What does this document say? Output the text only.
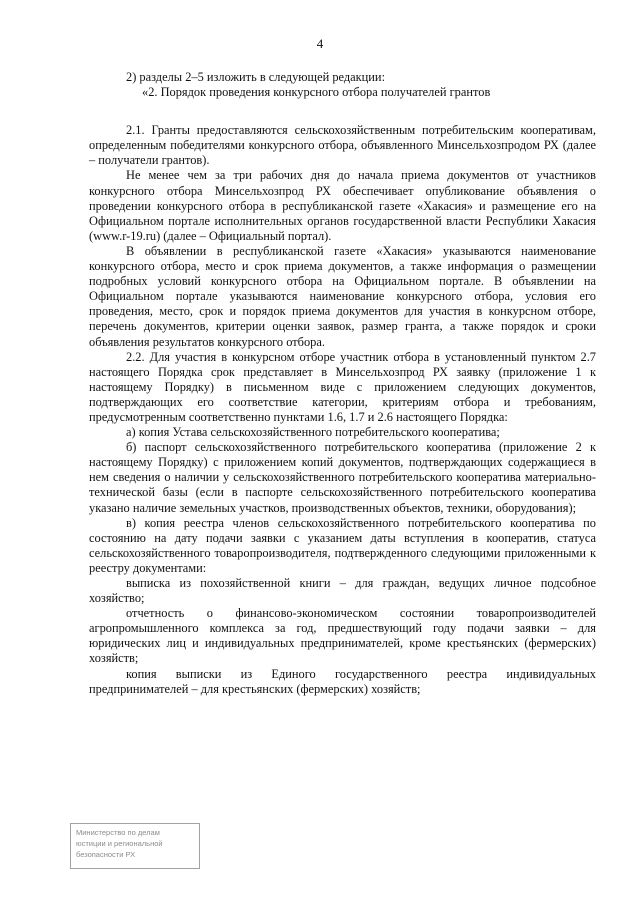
4

2) разделы 2–5 изложить в следующей редакции:

«2. Порядок проведения конкурсного отбора получателей грантов

2.1. Гранты предоставляются сельскохозяйственным потребительским кооперативам, определенным победителями конкурсного отбора, объявленного Минсельхозпродом РХ (далее – получатели грантов).

Не менее чем за три рабочих дня до начала приема документов от участников конкурсного отбора Минсельхозпрод РХ обеспечивает опубликование объявления о проведении конкурсного отбора в республиканской газете «Хакасия» и размещение его на Официальном портале исполнительных органов государственной власти Республики Хакасия (www.r-19.ru) (далее – Официальный портал).

В объявлении в республиканской газете «Хакасия» указываются наименование конкурсного отбора, место и срок приема документов, а также информация о размещении подробных условий конкурсного отбора на Официальном портале. В объявлении на Официальном портале указываются наименование конкурсного отбора, условия его проведения, место, срок и порядок приема документов для участия в конкурсном отборе, перечень документов, критерии оценки заявок, размер гранта, а также порядок и сроки объявления результатов конкурсного отбора.

2.2. Для участия в конкурсном отборе участник отбора в установленный пунктом 2.7 настоящего Порядка срок представляет в Минсельхозпрод РХ заявку (приложение 1 к настоящему Порядку) в письменном виде с приложением следующих документов, подтверждающих его соответствие категории, критериям отбора и требованиям, предусмотренным соответственно пунктами 1.6, 1.7 и 2.6 настоящего Порядка:

а) копия Устава сельскохозяйственного потребительского кооператива;

б) паспорт сельскохозяйственного потребительского кооператива (приложение 2 к настоящему Порядку) с приложением копий документов, подтверждающих содержащиеся в нем сведения о наличии у сельскохозяйственного потребительского кооператива материально-технической базы (если в паспорте сельскохозяйственного потребительского кооператива указано наличие земельных участков, производственных объектов, техники, оборудования);

в) копия реестра членов сельскохозяйственного потребительского кооператива по состоянию на дату подачи заявки с указанием даты вступления в кооператив, статуса сельскохозяйственного товаропроизводителя, подтвержденного следующими приложенными к реестру документами:

выписка из похозяйственной книги – для граждан, ведущих личное подсобное хозяйство;

отчетность о финансово-экономическом состоянии товаропроизводителей агропромышленного комплекса за год, предшествующий году подачи заявки – для юридических лиц и индивидуальных предпринимателей, кроме крестьянских (фермерских) хозяйств;

копия выписки из Единого государственного реестра индивидуальных предпринимателей – для крестьянских (фермерских) хозяйств;

Министерство по делам
юстиции и региональной
безопасности РХ
